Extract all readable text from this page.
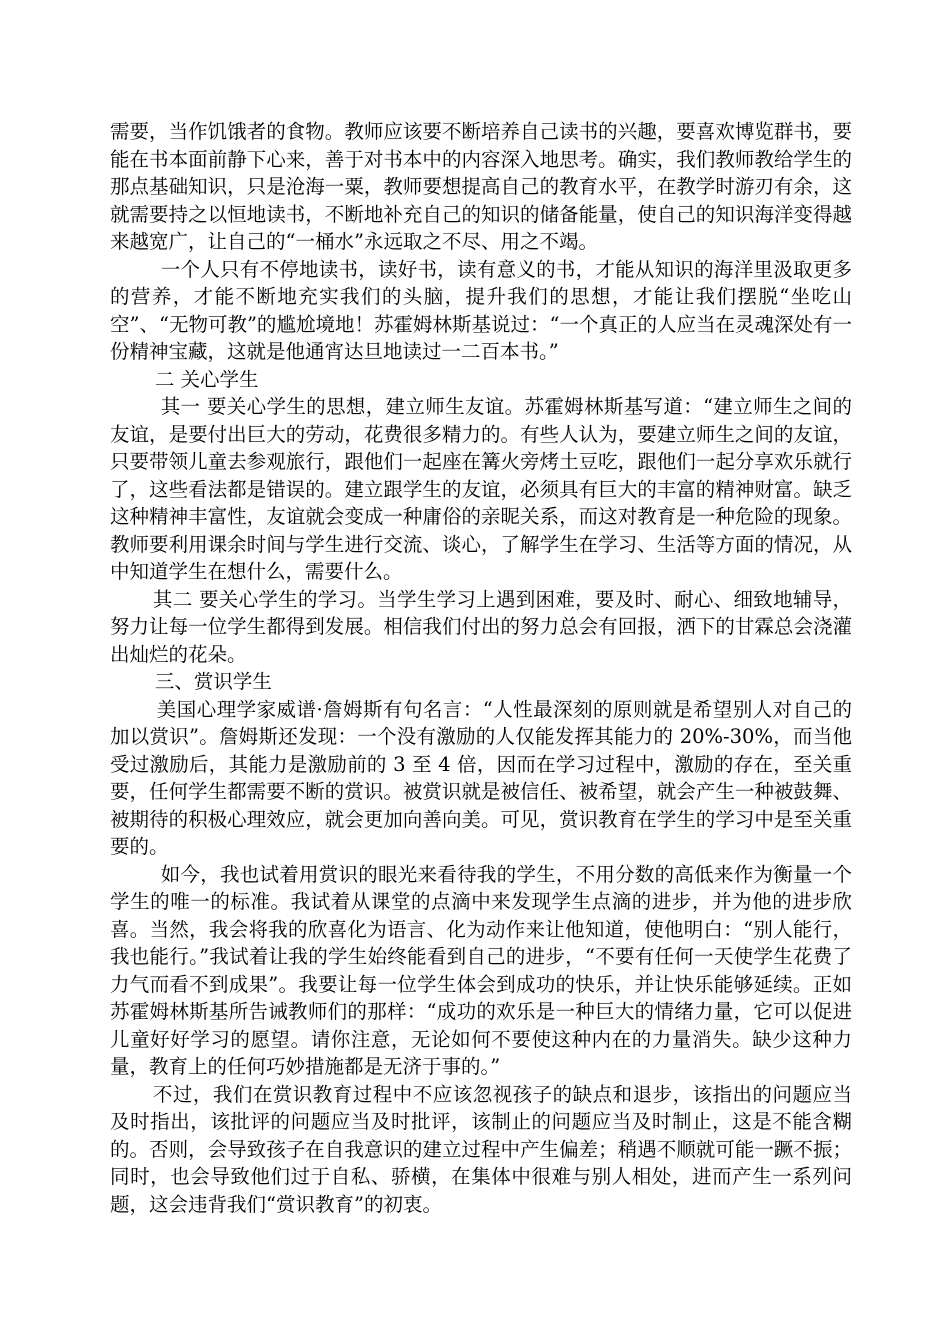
需要，当作饥饿者的食物。教师应该要不断培养自己读书的兴趣，要喜欢博览群书，要能在书本面前静下心来，善于对书本中的内容深入地思考。确实，我们教师教给学生的那点基础知识，只是沧海一粟，教师要想提高自己的教育水平，在教学时游刃有余，这就需要持之以恒地读书，不断地补充自己的知识的储备能量，使自己的知识海洋变得越来越宽广，让自己的“一桶水”永远取之不尽、用之不竭。

一个人只有不停地读书，读好书，读有意义的书，才能从知识的海洋里汲取更多的营养，才能不断地充实我们的头脑，提升我们的思想，才能让我们摆脱“坐吃山空”、“无物可教”的尴尬境地！苏霍姆林斯基说过：“一个真正的人应当在灵魂深处有一份精神宝藏，这就是他通宵达旦地读过一二百本书。”

二 关心学生

其一 要关心学生的思想，建立师生友谊。苏霍姆林斯基写道：“建立师生之间的友谊，是要付出巨大的劳动，花费很多精力的。有些人认为，要建立师生之间的友谊，只要带领儿童去参观旅行，跟他们一起座在篝火旁烤土豆吃，跟他们一起分享欢乐就行了，这些看法都是错误的。建立跟学生的友谊，必须具有巨大的丰富的精神财富。缺乏这种精神丰富性，友谊就会变成一种庸俗的亲昵关系，而这对教育是一种危险的现象。教师要利用课余时间与学生进行交流、谈心，了解学生在学习、生活等方面的情况，从中知道学生在想什么，需要什么。

其二 要关心学生的学习。当学生学习上遇到困难，要及时、耐心、细致地辅导，努力让每一位学生都得到发展。相信我们付出的努力总会有回报，洒下的甘霖总会浇灌出灿烂的花朵。

三、赏识学生

美国心理学家威谱·詹姆斯有句名言：“人性最深刻的原则就是希望别人对自己的加以赏识”。詹姆斯还发现：一个没有激励的人仅能发挥其能力的 20%-30%，而当他受过激励后，其能力是激励前的 3 至 4 倍，因而在学习过程中，激励的存在，至关重要，任何学生都需要不断的赏识。被赏识就是被信任、被希望，就会产生一种被鼓舞、被期待的积极心理效应，就会更加向善向美。可见，赏识教育在学生的学习中是至关重要的。

如今，我也试着用赏识的眼光来看待我的学生，不用分数的高低来作为衡量一个学生的唯一的标准。我试着从课堂的点滴中来发现学生点滴的进步，并为他的进步欣喜。当然，我会将我的欣喜化为语言、化为动作来让他知道，使他明白：“别人能行，我也能行。”我试着让我的学生始终能看到自己的进步，“不要有任何一天使学生花费了力气而看不到成果”。我要让每一位学生体会到成功的快乐，并让快乐能够延续。正如苏霍姆林斯基所告诫教师们的那样：“成功的欢乐是一种巨大的情绪力量，它可以促进儿童好好学习的愿望。请你注意，无论如何不要使这种内在的力量消失。缺少这种力量，教育上的任何巧妙措施都是无济于事的。”

不过，我们在赏识教育过程中不应该忽视孩子的缺点和退步，该指出的问题应当及时指出，该批评的问题应当及时批评，该制止的问题应当及时制止，这是不能含糊的。否则，会导致孩子在自我意识的建立过程中产生偏差；稍遇不顺就可能一蹶不振；同时，也会导致他们过于自私、骄横，在集体中很难与别人相处，进而产生一系列问题，这会违背我们“赏识教育”的初衷。
